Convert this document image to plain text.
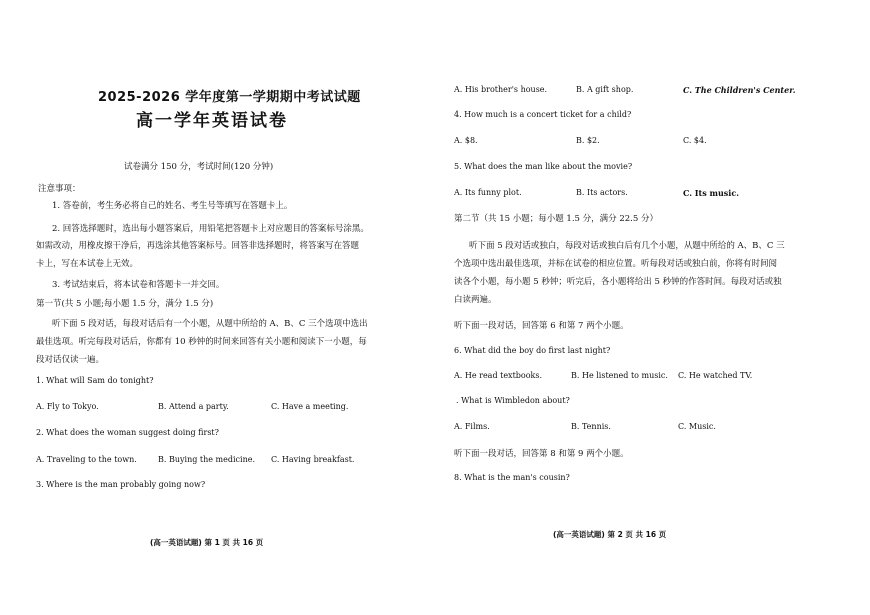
2025-2026 学年度第一学期期中考试试题
高一学年英语试卷
试卷满分 150 分，考试时间(120 分钟)
注意事项：
1. 答卷前，考生务必将自己的姓名、考生号等填写在答题卡上。
2. 回答选择题时，选出每小题答案后，用铅笔把答题卡上对应题目的答案标号涂黑。
如需改动，用橡皮擦干净后，再选涂其他答案标号。回答非选择题时，将答案写在答题
卡上，写在本试卷上无效。
3. 考试结束后，将本试卷和答题卡一并交回。
第一节(共 5 小题;每小题 1.5 分，满分 1.5 分)
听下面 5 段对话，每段对话后有一个小题，从题中所给的 A、B、C 三个选项中选出
最佳选项。听完每段对话后，你都有 10 秒钟的时间来回答有关小题和阅读下一小题，每
段对话仅读一遍。
1. What will Sam do tonight?
A. Fly to Tokyo.	B. Attend a party.	C. Have a meeting.
2. What does the woman suggest doing first?
A. Traveling to the town.	B. Buying the medicine. C. Having breakfast.
3. Where is the man probably going now?
(高一英语试题) 第 1 页 共 16 页
A. His brother's house.	B. A gift shop.	C. The Children's Center.
4. How much is a concert ticket for a child?
A. $8.	B. $2.	C. $4.
5. What does the man like about the movie?
A. Its funny plot.	B. Its actors.	C. Its music.
第二节（共 15 小题；每小题 1.5 分，满分 22.5 分）
听下面 5 段对话或独白，每段对话或独白后有几个小题，从题中所给的 A、B、C 三
个选项中选出最佳选项，并标在试卷的相应位置。听每段对话或独白前，你将有时间阅
读各个小题，每小题 5 秒钟；听完后，各小题将给出 5 秒钟的作答时间。每段对话或独
白读两遍。
听下面一段对话，回答第 6 和第 7 两个小题。
6. What did the boy do first last night?
A. He read textbooks.	B. He listened to music. C. He watched TV.
. What is Wimbledon about?
A. Films.	B. Tennis.	C. Music.
听下面一段对话，回答第 8 和第 9 两个小题。
8. What is the man's cousin?
(高一英语试题) 第 2 页 共 16 页
